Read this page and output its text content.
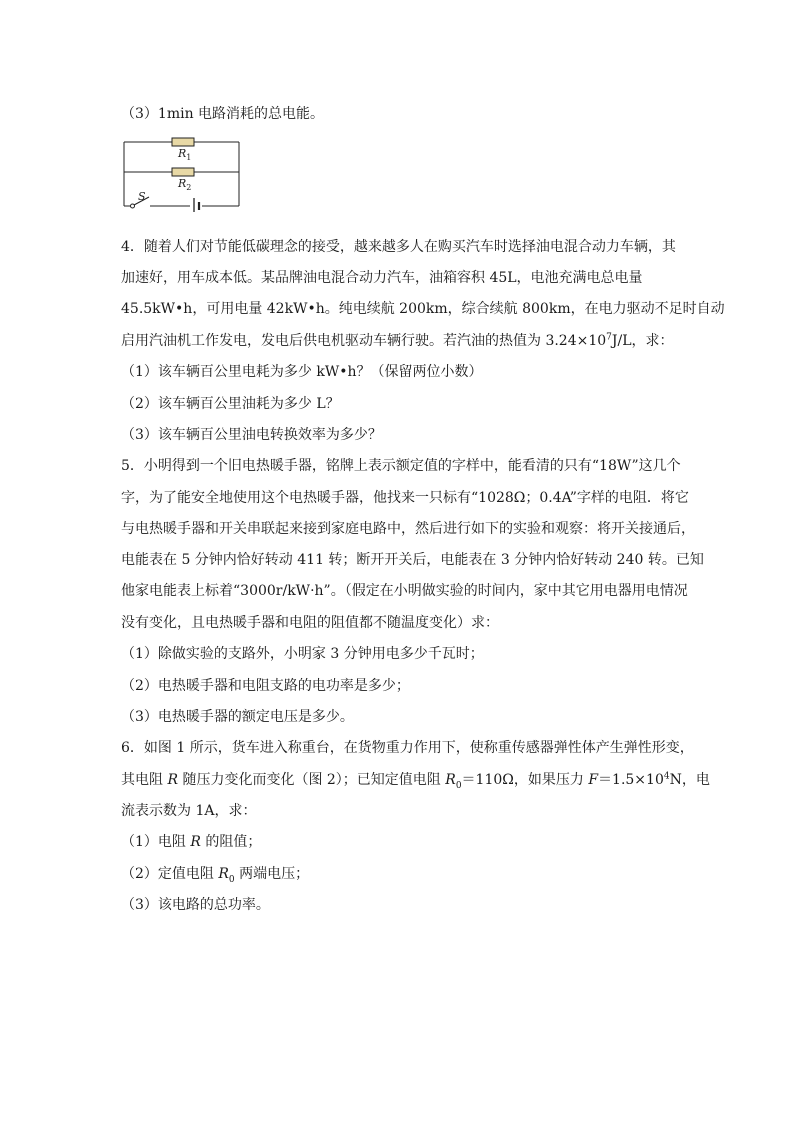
（3）1min 电路消耗的总电能。
$R_1$
$R_2$
S
4．随着人们对节能低碳理念的接受，越来越多人在购买汽车时选择油电混合动力车辆，其
加速好，用车成本低。某品牌油电混合动力汽车，油箱容积 45L，电池充满电总电量
45.5kW•h，可用电量 42kW•h。纯电续航 200km，综合续航 800km，在电力驱动不足时自动
启用汽油机工作发电，发电后供电机驱动车辆行驶。若汽油的热值为 $3.24\times 10^7J/L$，求：
（1）该车辆百公里电耗为多少 kW•h？（保留两位小数）
（2）该车辆百公里油耗为多少 L？
（3）该车辆百公里油电转换效率为多少？
5．小明得到一个旧电热暖手器，铭牌上表示额定值的字样中，能看清的只有“18W”这几个
字，为了能安全地使用这个电热暖手器，他找来一只标有“1028Ω；0.4A”字样的电阻．将它
与电热暖手器和开关串联起来接到家庭电路中，然后进行如下的实验和观察：将开关接通后，
电能表在 5 分钟内恰好转动 411 转；断开开关后，电能表在 3 分钟内恰好转动 240 转。已知
他家电能表上标着“3000r/kW·h”。（假定在小明做实验的时间内，家中其它用电器用电情况
没有变化，且电热暖手器和电阻的阻值都不随温度变化）求：
（1）除做实验的支路外，小明家 3 分钟用电多少千瓦时；
（2）电热暖手器和电阻支路的电功率是多少；
（3）电热暖手器的额定电压是多少。
6．如图 1 所示，货车进入称重台，在货物重力作用下，使称重传感器弹性体产生弹性形变，
其电阻 R 随压力变化而变化（图 2）；已知定值电阻 $R_0=110\Omega$，如果压力 $F=1.5\times 10^4N$，电
流表示数为 1A，求：
（1）电阻 R 的阻值；
（2）定值电阻 $R_0$ 两端电压；
（3）该电路的总功率。
